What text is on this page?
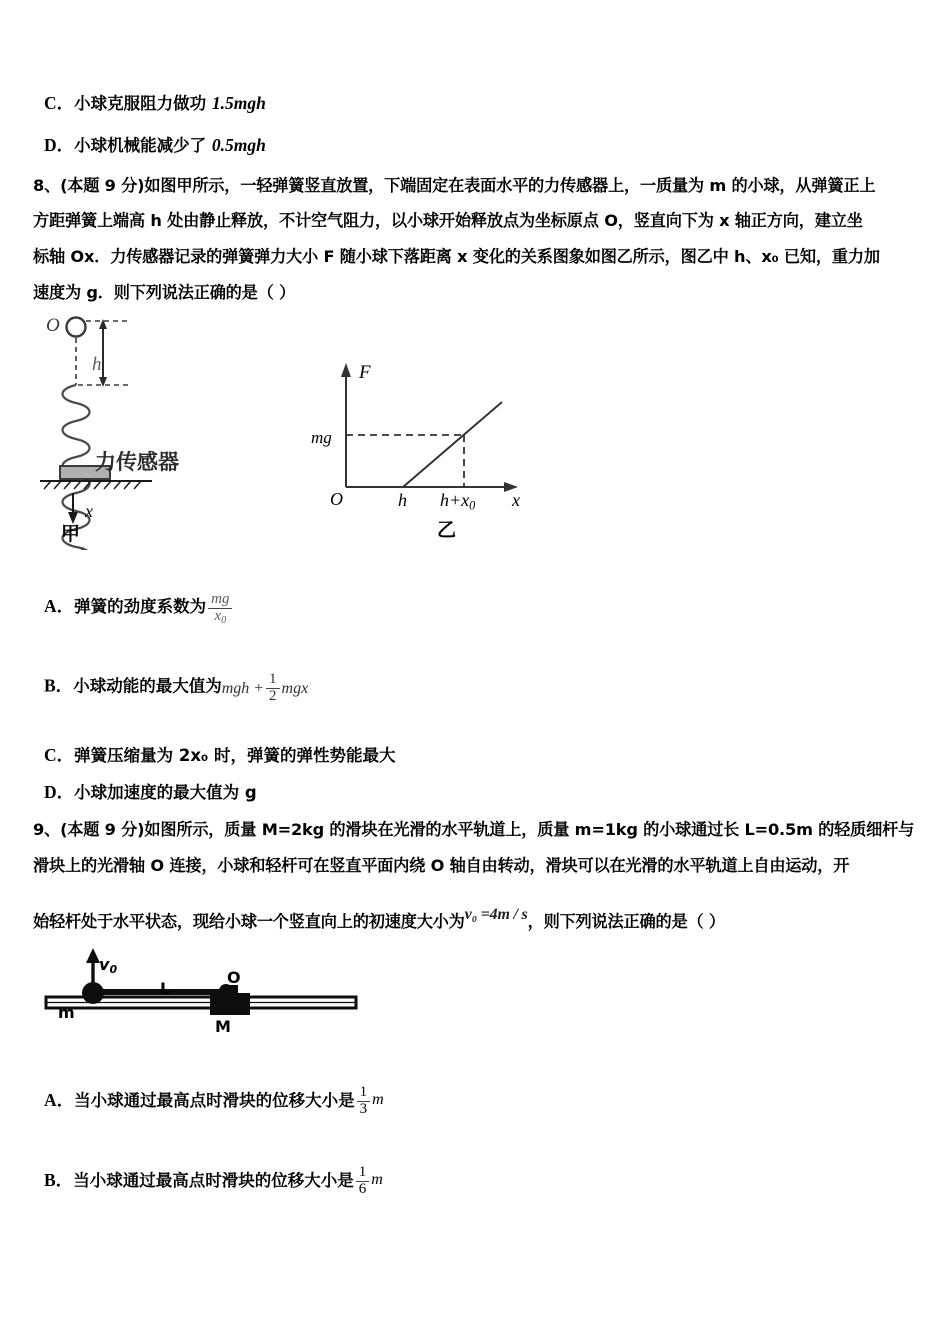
C．小球克服阻力做功 1.5mgh
D．小球机械能减少了 0.5mgh
8、(本题 9 分)如图甲所示，一轻弹簧竖直放置，下端固定在表面水平的力传感器上，一质量为 m 的小球，从弹簧正上
方距弹簧上端高 h 处由静止释放，不计空气阻力，以小球开始释放点为坐标原点 O，竖直向下为 x 轴正方向，建立坐
标轴 Ox．力传感器记录的弹簧弹力大小 F 随小球下落距离 x 变化的关系图象如图乙所示，图乙中 h、x₀ 已知，重力加
速度为 g．则下列说法正确的是（ ）
h
O
力传感器
x
甲
F
mg
O	h $h+x_0$ x
乙
A．弹簧的劲度系数为 $\frac{mg}{x_0}$
B．小球动能的最大值为mgh + $\frac{1}{2}$ mgx
C．弹簧压缩量为 2x₀ 时，弹簧的弹性势能最大
D．小球加速度的最大值为 g
9、(本题 9 分)如图所示，质量 M=2kg 的滑块在光滑的水平轨道上，质量 m=1kg 的小球通过长 L=0.5m 的轻质细杆与
滑块上的光滑轴 O 连接，小球和轻杆可在竖直平面内绕 O 轴自由转动，滑块可以在光滑的水平轨道上自由运动，开
始轻杆处于水平状态，现给小球一个竖直向上的初速度大小为v₀ =4m / s，则下列说法正确的是（ ）
m
v0
L
O
M
A．当小球通过最高点时滑块的位移大小是 $\frac{1}{3}$ m
B．当小球通过最高点时滑块的位移大小是 $\frac{1}{6}$ m
